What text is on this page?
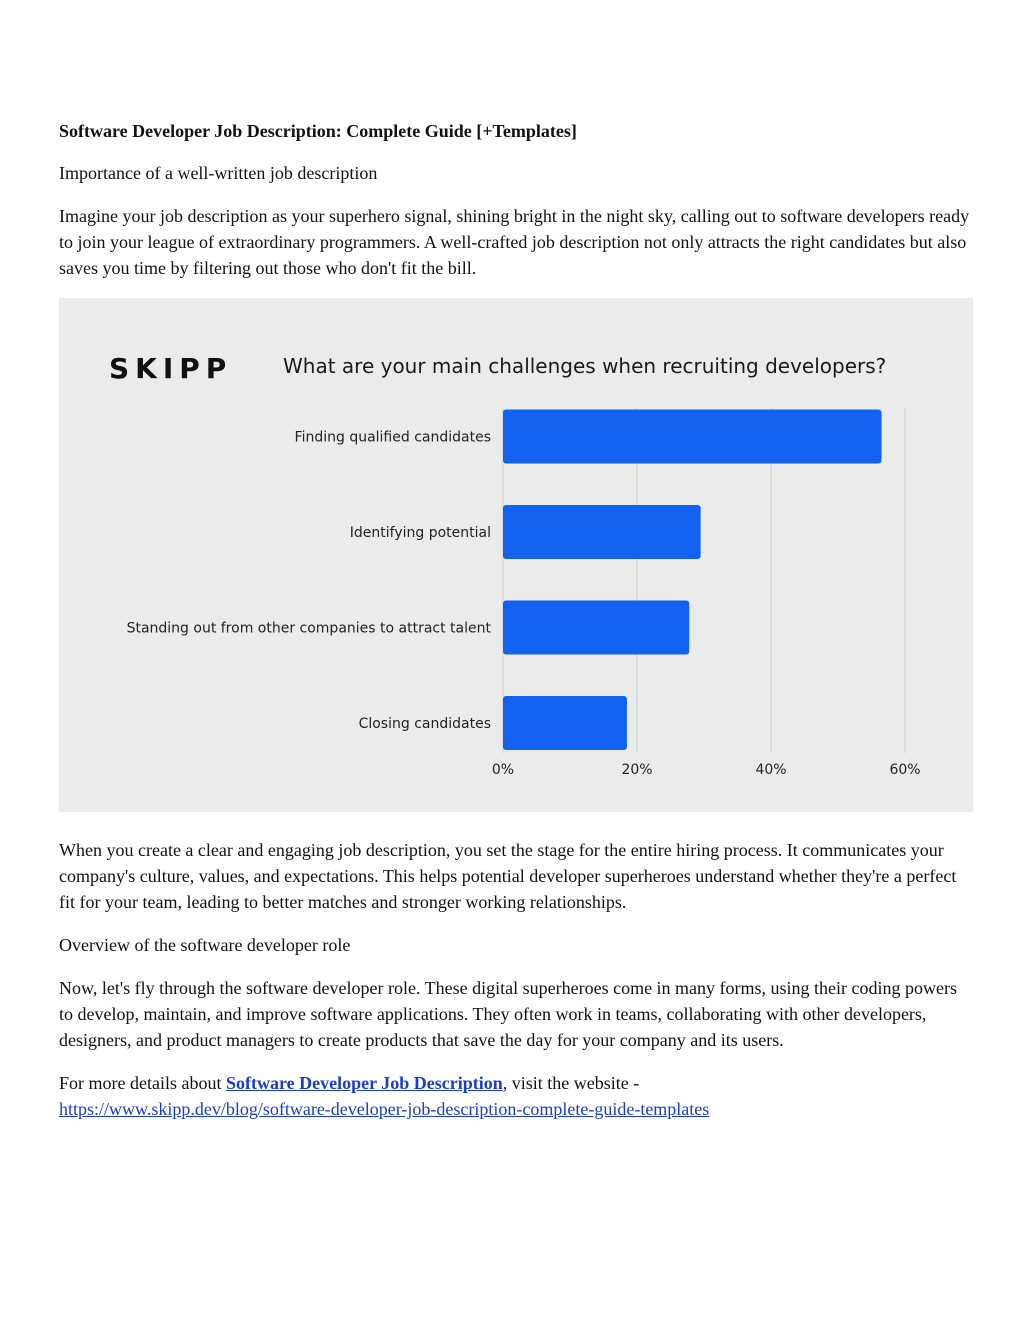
Software Developer Job Description: Complete Guide [+Templates]

Importance of a well-written job description

Imagine your job description as your superhero signal, shining bright in the night sky, calling out to software developers ready to join your league of extraordinary programmers. A well-crafted job description not only attracts the right candidates but also saves you time by filtering out those who don't fit the bill.

Finding qualified candidates
Identifying potential
Standing out from other companies to attract talent
Closing candidates
0%	20%	40%	60%
SKIPP	What are your main challenges when recruiting developers?

When you create a clear and engaging job description, you set the stage for the entire hiring process. It communicates your company's culture, values, and expectations. This helps potential developer superheroes understand whether they're a perfect fit for your team, leading to better matches and stronger working relationships.

Overview of the software developer role

Now, let's fly through the software developer role. These digital superheroes come in many forms, using their coding powers to develop, maintain, and improve software applications. They often work in teams, collaborating with other developers, designers, and product managers to create products that save the day for your company and its users.

For more details about Software Developer Job Description, visit the website -
https://www.skipp.dev/blog/software-developer-job-description-complete-guide-templates
